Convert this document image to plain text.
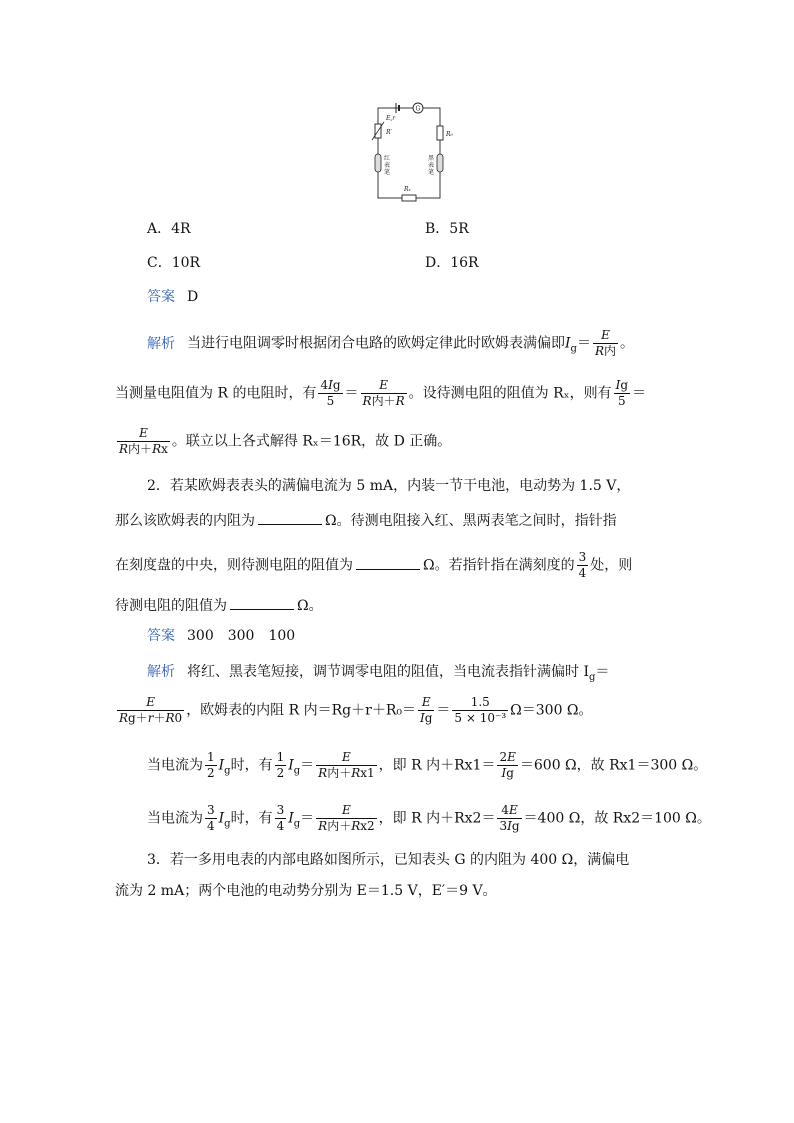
G
E,r
R′	R₀
红表笔
黑表笔
Rₓ
A．4R	B．5R
C．10R	D．16R
答案 D
解析 当进行电阻调零时根据闭合电路的欧姆定律此时欧姆表满偏即$I_g= \frac{E}{\text{R内}}$ 。
当测量电阻值为 R 的电阻时，有 $\frac{4Ig}{5} = \frac{E}{\text{R内＋R}}$ 。设待测电阻的阻值为 Rₓ，则有 $\frac{Ig}{5}$ ＝
$\frac{E}{\text{R内＋Rx}}$ 。联立以上各式解得 Rₓ＝16R，故 D 正确。
2．若某欧姆表表头的满偏电流为 5 mA，内装一节干电池，电动势为 1.5 V，
那么该欧姆表的内阻为	Ω。待测电阻接入红、黑两表笔之间时，指针指
在刻度盘的中央，则待测电阻的阻值为	Ω。若指针指在满刻度的 $\frac{3}{4}$ 处，则
待测电阻的阻值为	Ω。
答案 300　300　100
解析 将红、黑表笔短接，调节调零电阻的阻值，当电流表指针满偏时 $I_g=$
$\frac{E}{Rg+r+R0}$ ，欧姆表的内阻 R 内$=Rg+r+R_0= \frac{E}{Ig} = \frac{1.5}{\text{5 × 10⁻³}} \Omega=300$ Ω。
当电流为 $\frac{1}{2} I_g$时，有 $\frac{1}{2} I_g= \frac{E}{\text{R内＋Rx1}}$ ，即 R 内$+Rx1= \frac{2E}{Ig} =600$ Ω，故 Rx1＝300 Ω。
当电流为 $\frac{3}{4} I_g$时，有 $\frac{3}{4} I_g= \frac{E}{\text{R内＋Rx2}}$ ，即 R 内$+Rx2= \frac{4E}{3Ig} =400$ Ω，故 Rx2＝100 Ω。
3．若一多用电表的内部电路如图所示，已知表头 G 的内阻为 400 Ω，满偏电
流为 2 mA；两个电池的电动势分别为 E＝1.5 V，E′＝9 V。
